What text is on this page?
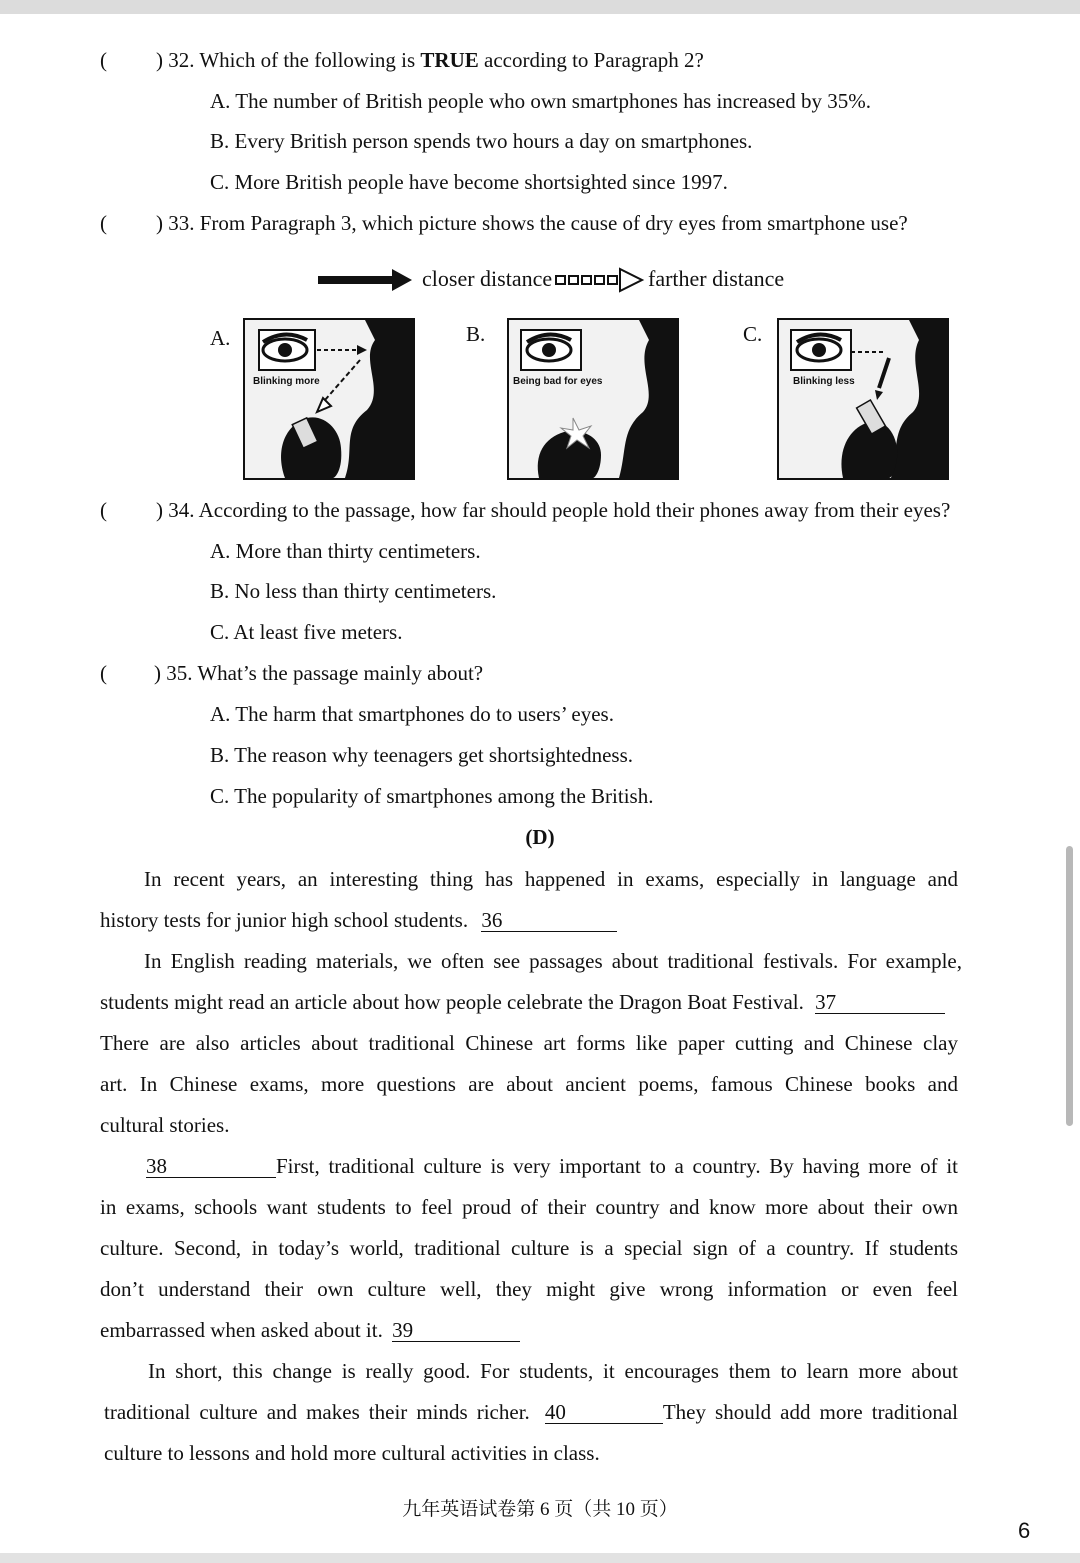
( ) 32. Which of the following is TRUE according to Paragraph 2?
A. The number of British people who own smartphones has increased by 35%.
B. Every British person spends two hours a day on smartphones.
C. More British people have become shortsighted since 1997.
( ) 33. From Paragraph 3, which picture shows the cause of dry eyes from smartphone use?
closer distance	farther distance
A.
Blinking more
B.
Being bad for eyes
C.
Blinking less
( ) 34. According to the passage, how far should people hold their phones away from their eyes?
A. More than thirty centimeters.
B. No less than thirty centimeters.
C. At least five meters.
( ) 35. What’s the passage mainly about?
A. The harm that smartphones do to users’ eyes.
B. The reason why teenagers get shortsightedness.
C. The popularity of smartphones among the British.
(D)
In recent years, an interesting thing has happened in exams, especially in language and
history tests for junior high school students. 36
In English reading materials, we often see passages about traditional festivals. For example,
students might read an article about how people celebrate the Dragon Boat Festival. 37
There are also articles about traditional Chinese art forms like paper cutting and Chinese clay
art. In Chinese exams, more questions are about ancient poems, famous Chinese books and
cultural stories.
38	First, traditional culture is very important to a country. By having more of it
in exams, schools want students to feel proud of their country and know more about their own
culture. Second, in today’s world, traditional culture is a special sign of a country. If students
don’t understand their own culture well, they might give wrong information or even feel
embarrassed when asked about it. 39
In short, this change is really good. For students, it encourages them to learn more about
traditional culture and makes their minds richer. 40	They should add more traditional
culture to lessons and hold more cultural activities in class.
九年英语试卷第 6 页（共 10 页）
6
